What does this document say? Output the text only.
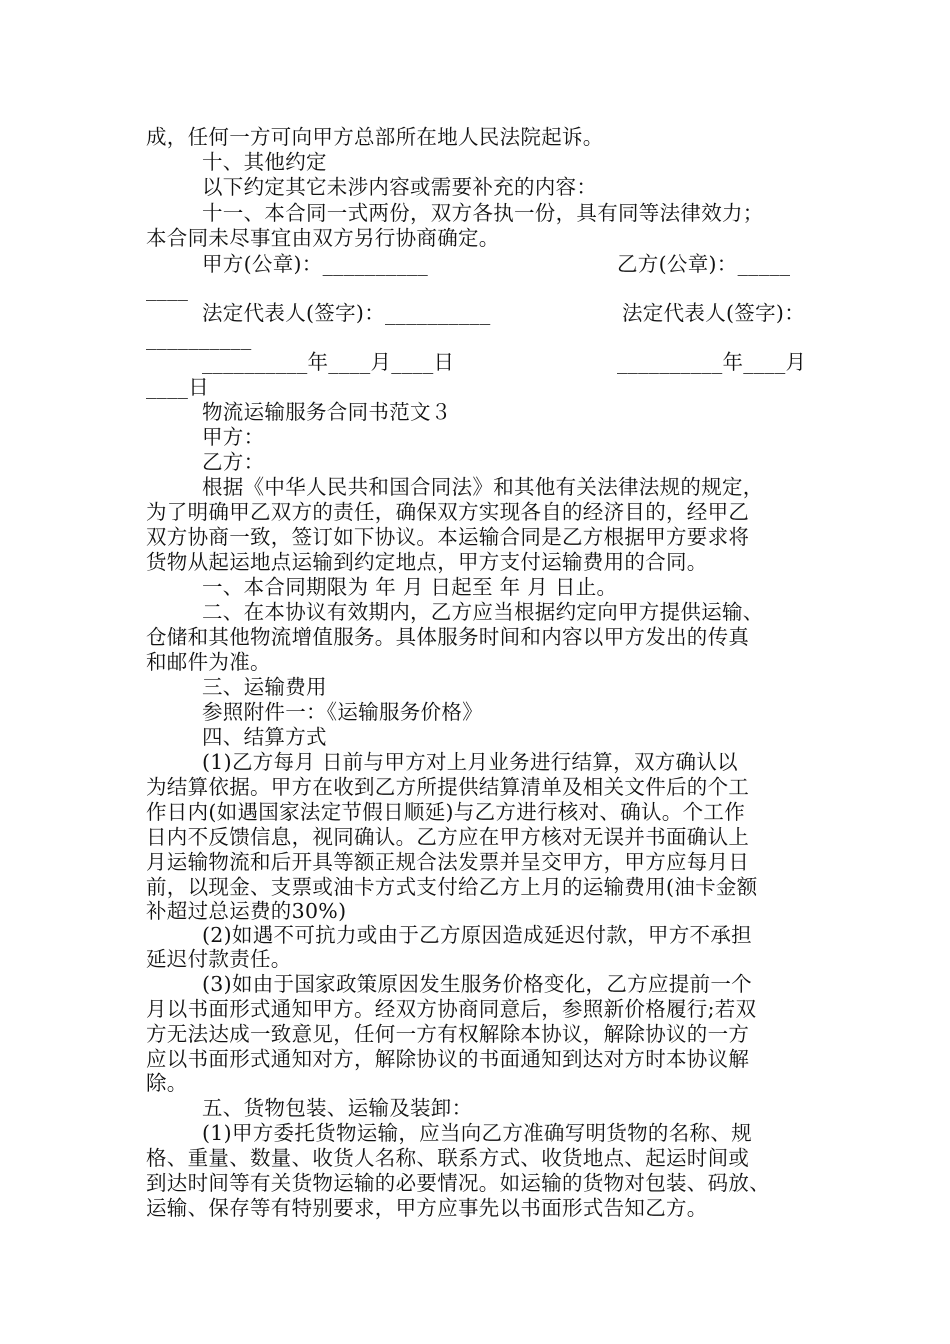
成，任何一方可向甲方总部所在地人民法院起诉。
十、其他约定
以下约定其它未涉内容或需要补充的内容：
十一、本合同一式两份，双方各执一份，具有同等法律效力；
本合同未尽事宜由双方另行协商确定。
甲方(公章)：__________	乙方(公章)：_____
____
法定代表人(签字)：__________	法定代表人(签字)：
__________
__________年____月____日	__________年____月
____日
物流运输服务合同书范文３
甲方：
乙方：
根据《中华人民共和国合同法》和其他有关法律法规的规定，
为了明确甲乙双方的责任，确保双方实现各自的经济目的，经甲乙
双方协商一致，签订如下协议。本运输合同是乙方根据甲方要求将
货物从起运地点运输到约定地点，甲方支付运输费用的合同。
一、本合同期限为 年 月 日起至 年 月 日止。
二、在本协议有效期内，乙方应当根据约定向甲方提供运输、
仓储和其他物流增值服务。具体服务时间和内容以甲方发出的传真
和邮件为准。
三、运输费用
参照附件一：《运输服务价格》
四、结算方式
(1)乙方每月 日前与甲方对上月业务进行结算，双方确认以
为结算依据。甲方在收到乙方所提供结算清单及相关文件后的个工
作日内(如遇国家法定节假日顺延)与乙方进行核对、确认。个工作
日内不反馈信息，视同确认。乙方应在甲方核对无误并书面确认上
月运输物流和后开具等额正规合法发票并呈交甲方，甲方应每月日
前，以现金、支票或油卡方式支付给乙方上月的运输费用(油卡金额
补超过总运费的30%)
(2)如遇不可抗力或由于乙方原因造成延迟付款，甲方不承担
延迟付款责任。
(3)如由于国家政策原因发生服务价格变化，乙方应提前一个
月以书面形式通知甲方。经双方协商同意后，参照新价格履行;若双
方无法达成一致意见，任何一方有权解除本协议，解除协议的一方
应以书面形式通知对方，解除协议的书面通知到达对方时本协议解
除。
五、货物包装、运输及装卸：
(1)甲方委托货物运输，应当向乙方准确写明货物的名称、规
格、重量、数量、收货人名称、联系方式、收货地点、起运时间或
到达时间等有关货物运输的必要情况。如运输的货物对包装、码放、
运输、保存等有特别要求，甲方应事先以书面形式告知乙方。
